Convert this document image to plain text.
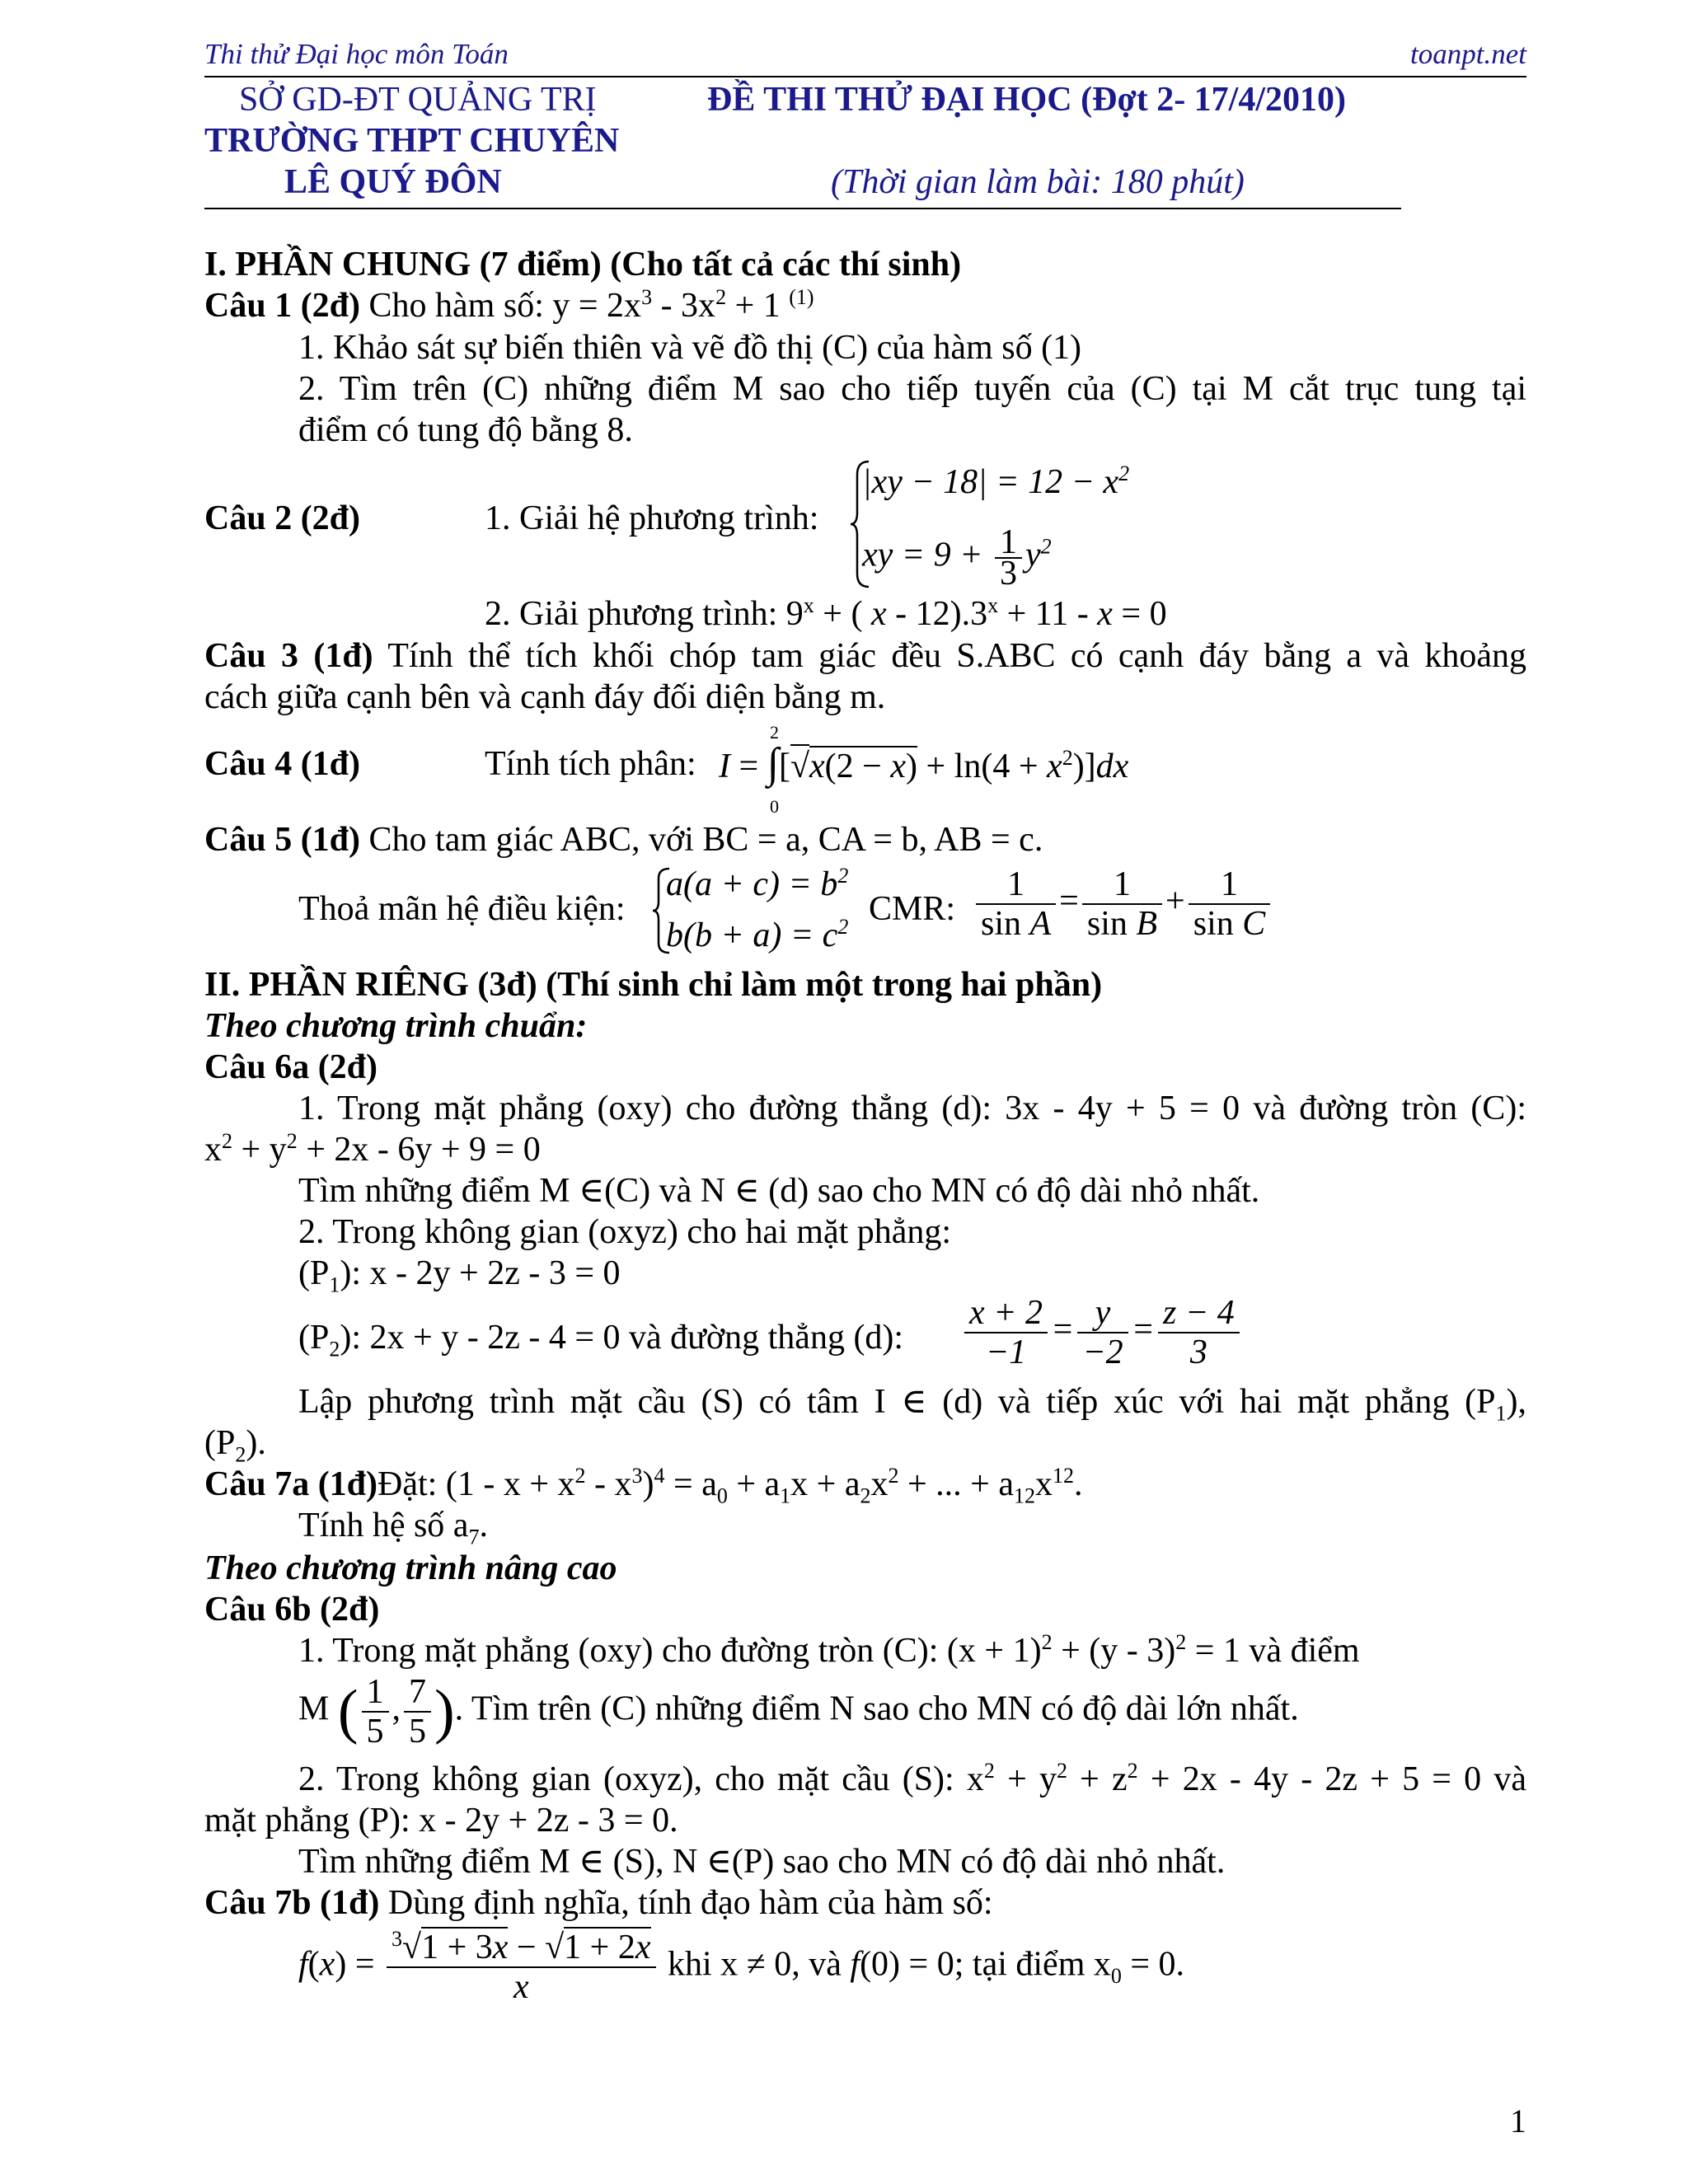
Thi thử Đại học môn Toán	toanpt.net
SỞ GD-ĐT QUẢNG TRỊ
TRƯỜNG THPT CHUYÊN
LÊ QUÝ ĐÔN
ĐỀ THI THỬ ĐẠI HỌC (Đợt 2- 17/4/2010)
(Thời gian làm bài: 180 phút)
I. PHẦN CHUNG (7 điểm) (Cho tất cả các thí sinh)
Câu 1 (2đ) Cho hàm số: $y = 2x^3 - 3x^2 + 1$ $^{(1)}$
1. Khảo sát sự biến thiên và vẽ đồ thị (C) của hàm số (1)
2. Tìm trên (C) những điểm M sao cho tiếp tuyến của (C) tại M cắt trục tung tại
điểm có tung độ bằng 8.
Câu 2 (2đ)	1. Giải hệ phương trình:
$|xy - 18| = 12 - x^2$
xy = $9 + \frac{1}{3} y^2$
2. Giải phương trình: $9^x$ + ( $x - 12).3^x + 11 - x = 0$
Câu 3 (1đ) Tính thể tích khối chóp tam giác đều S.ABC có cạnh đáy bằng a và khoảng
cách giữa cạnh bên và cạnh đáy đối diện bằng m.
Câu 4 (1đ)	Tính tích phân: $I = \int[√x(2 - x) + \ln(4 + x^2)]dx$
2
0
Câu 5 (1đ) Cho tam giác ABC, với BC = a, CA = b, AB = c.
Thoả mãn hệ điều kiện:
$a(a + c) = b^2$
$b(b + a) = c^2$ CMR: $\frac{1}{\text{sin A}} = \frac{1}{\text{sin B}} + \frac{1}{\text{sin C}}$
II. PHẦN RIÊNG (3đ) (Thí sinh chỉ làm một trong hai phần)
Theo chương trình chuẩn:
Câu 6a (2đ)
1. Trong mặt phẳng (oxy) cho đường thẳng (d): 3x - 4y + 5 = 0 và đường tròn (C):
$x^2 + y^2 + 2x - 6y + 9 = 0$
Tìm những điểm M ∈(C) và N ∈ (d) sao cho MN có độ dài nhỏ nhất.
2. Trong không gian (oxyz) cho hai mặt phẳng:
$(P_1)$: x - 2y + 2z - 3 = 0
$(P_2)$: 2x + y - 2z - 4 = 0 và đường thẳng (d): $\frac{x + 2}{-1} = \frac{y}{-2} = \frac{z - 4}{3}$
Lập phương trình mặt cầu (S) có tâm I ∈ (d) và tiếp xúc với hai mặt phẳng $(P_1)$,
$(P_2)$.
Câu 7a (1đ)Đặt: $(1 - x + x^2 - x^3)^4 = a_0 + a_1x + a_2x^2$ + ... + $a_{12}x^{12}$.
Tính hệ số $a_7$.
Theo chương trình nâng cao
Câu 6b (2đ)
1. Trong mặt phẳng (oxy) cho đường tròn (C): $(x + 1)^2 + (y - 3)^2 = 1$ và điểm
M ( $\frac{1}{5}$ , $\frac{7}{5}$ ). Tìm trên (C) những điểm N sao cho MN có độ dài lớn nhất.
2. Trong không gian (oxyz), cho mặt cầu (S): $x^2 + y^2 + z^2 + 2x - 4y - 2z + 5 = 0$ và
mặt phẳng (P): x - 2y + 2z - 3 = 0.
Tìm những điểm M ∈ (S), N ∈(P) sao cho MN có độ dài nhỏ nhất.
Câu 7b (1đ) Dùng định nghĩa, tính đạo hàm của hàm số:
$f(x) = \frac{^3√1 + 3x - √1 + 2x}{x}$ khi x ≠ 0, và f(0) = 0; tại điểm $x_0 = 0$.
1
